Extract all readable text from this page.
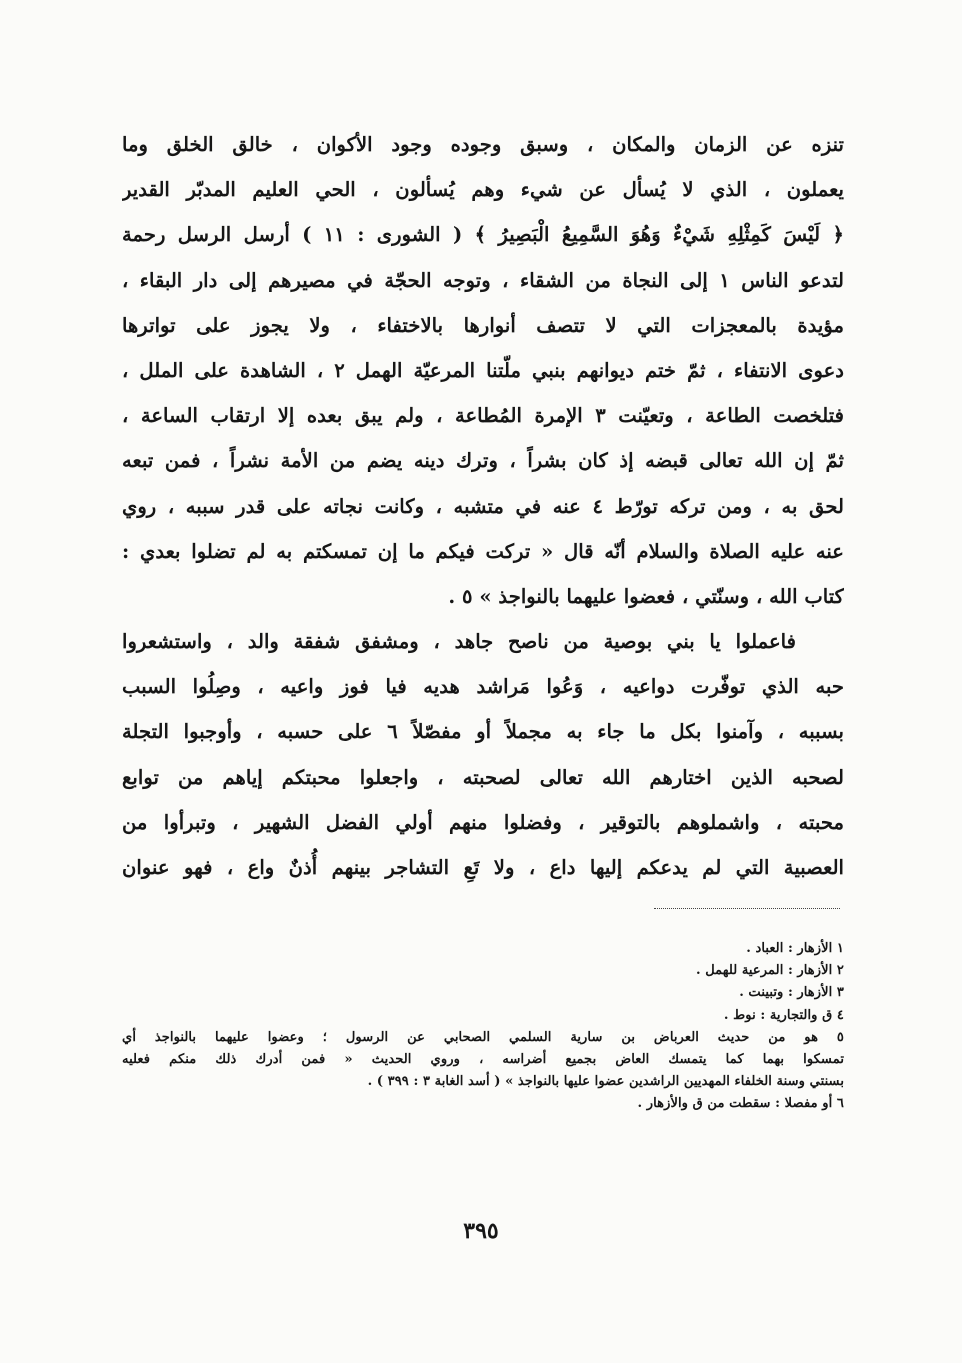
تنزه عن الزمان والمكان ، وسبق وجوده وجود الأكوان ، خالق الخلق وما
يعملون ، الذي لا يُسأل عن شيء وهم يُسألون ، الحي العليم المدبّر القدير
﴿ لَيْسَ كَمِثْلِهِ شَيْءٌ وَهُوَ السَّمِيعُ الْبَصِيرُ ﴾ ( الشورى : ١١ ) أرسل الرسل رحمة
لتدعو الناس ١ إلى النجاة من الشقاء ، وتوجه الحجّة في مصيرهم إلى دار البقاء ،
مؤيدة بالمعجزات التي لا تتصف أنوارها بالاختفاء ، ولا يجوز على تواترها
دعوى الانتفاء ، ثمّ ختم ديوانهم بنبي ملّتنا المرعيّة الهمل ٢ ، الشاهدة على الملل ،
فتلخصت الطاعة ، وتعيّنت ٣ الإمرة المُطاعة ، ولم يبق بعده إلا ارتقاب الساعة ،
ثمّ إن الله تعالى قبضه إذ كان بشراً ، وترك دينه يضم من الأمة نشراً ، فمن تبعه
لحق به ، ومن تركه تورّط ٤ عنه في متشبه ، وكانت نجاته على قدر سببه ، روي
عنه عليه الصلاة والسلام أنّه قال « تركت فيكم ما إن تمسكتم به لم تضلوا بعدي :
كتاب الله ، وسنّتي ، فعضوا عليهما بالنواجذ » ٥ .
فاعملوا يا بني بوصية من ناصح جاهد ، ومشفق شفقة والد ، واستشعروا
حبه الذي توفّرت دواعيه ، وَعُوا مَراشد هديه فيا فوز واعيه ، وصِلُوا السبب
بسببه ، وآمنوا بكل ما جاء به مجملاً أو مفصّلاً ٦ على حسبه ، وأوجبوا التجلة
لصحبه الذين اختارهم الله تعالى لصحبته ، واجعلوا محبتكم إياهم من توابع
محبته ، واشملوهم بالتوقير ، وفضلوا منهم أولي الفضل الشهير ، وتبرأوا من
العصبية التي لم يدعكم إليها داع ، ولا تَعِ التشاجر بينهم أُذنٌ واع ، فهو عنوان
١ الأزهار : العباد .
٢ الأزهار : المرعية للهمل .
٣ الأزهار : وتبينت .
٤ ق والتجارية : نوط .
٥ هو من حديث العرباض بن سارية السلمي الصحابي عن الرسول ؛ وعضوا عليهما بالنواجذ أي
تمسكوا بهما كما يتمسك العاض بجميع أضراسه ، وروي الحديث « فمن أدرك ذلك منكم فعليه
بسنتي وسنة الخلفاء المهديين الراشدين عضوا عليها بالنواجذ » ( أسد الغابة ٣ : ٣٩٩ ) .
٦ أو مفصلا : سقطت من ق والأزهار .
٣٩٥
